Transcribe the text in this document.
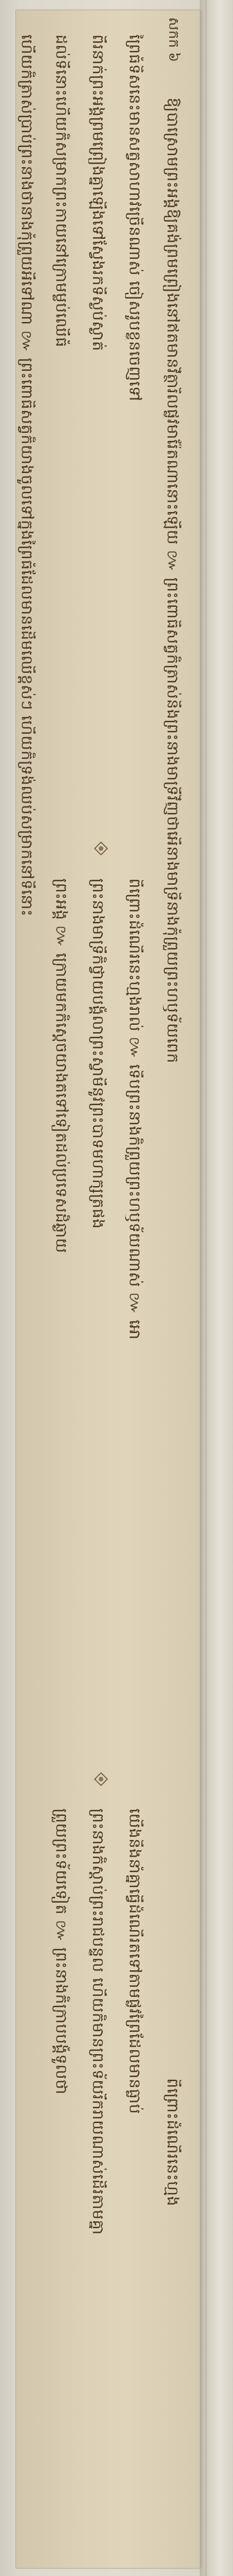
សកក ៦
ឱ្យបាស្រោមព្រះអង្គឱ្យគង់ព្រមព្រៀងនៅឥតមានវិត្ថារិលផ្លូវមារ៉ែតណានោះឡើយ ៚ ព្រះពោធិសត្វក៏ត្រាស់នឹងព្រះនាងមាទ្រីវិញថាអើនាងមាទ្រីនាងកុំព្រួយព្រះហឫទ័យពេក
ពីព្រោះដំណើរនេះហ្មង
ព្រៃធំទិសនេះមានសត្វសាហាវច្រើនណាស់ ចៀសរូបខ្លួនចេញទៅ
ពីព្រោះដំណើរនេះហ្មងរាល់ ៚ ទើបព្រះនាងក៏ព្រួយព្រះហឫទ័យណាស់ ៚ អោ
យើងនឹងនាំគ្នាធ្វើដំណើរតទៅតាមផ្លូវព្រៃដែលមានធ្លាប់
ពីរនាក់ព្រះអង្គព្រមព្រៀងគ្នាឡើងទៅស្វែងរកទីស្ងប់ស្ងាត់
ព្រះនាងមាទ្រីក៏ថ្វាយបង្គំលាព្រះស្វាមីនូវព្រះបាទមហាក្សត្រផង
ព្រះនាងក៏ស្តាប់ព្រះរាជបន្ទូល ហើយក៏មានព្រះទ័យរីករាយណាស់ដើរតាមគ្នា
ដល់ទីនោះហើយក៏សម្រាកព្រះកាយនៅក្រោមម្លប់ឈើធំ
ព្រះអង្គ ៚ ក្រោយមកក៏ស្តេចយាងតទៅទៀតដល់ប្រទេសដ៏ឆ្ងាយ
ព្រួយព្រះទ័យទៀត ៚ ព្រះនាងក៏ក្រាបបង្គំទូលថា
ហើយក៏ត្រាស់ប្រាប់ព្រះនាងថានាងកុំព្រួយអីទៅណា ៚ ព្រះពោធិសត្វក៏យាងចូលទៅក្នុងព្រៃធំដែលមានដើមឈើខ្ពស់ៗ ហើយក៏ទ្រង់ឈប់សម្រាកនៅទីនោះ
